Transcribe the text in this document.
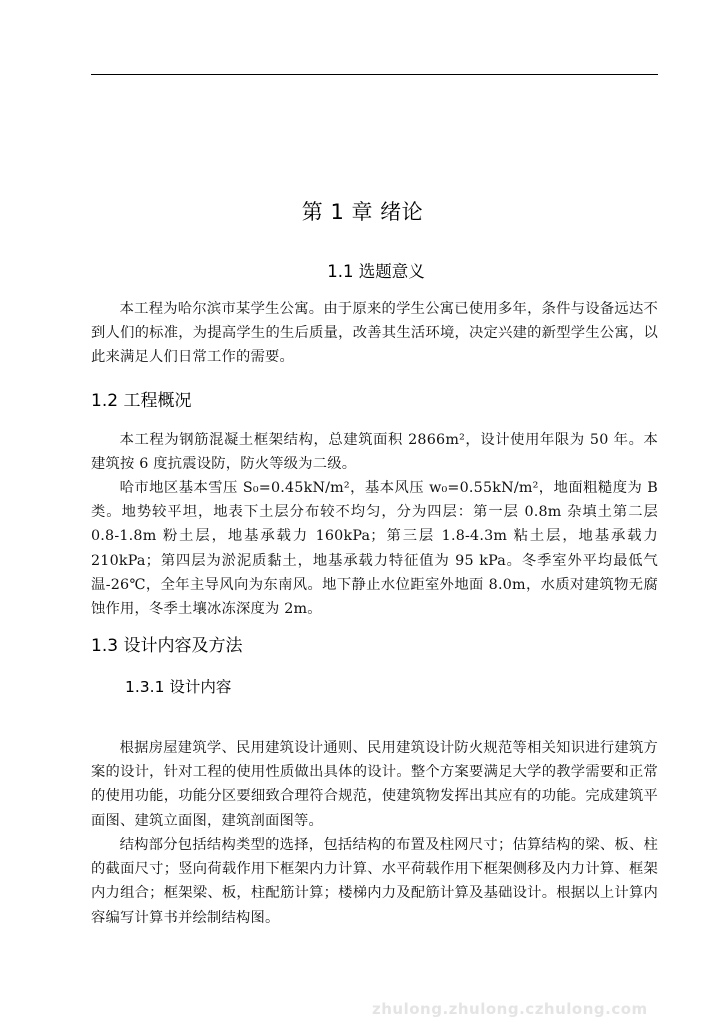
第 1 章 绪论
1.1 选题意义

本工程为哈尔滨市某学生公寓。由于原来的学生公寓已使用多年，条件与设备远达不到人们的标准，为提高学生的生后质量，改善其生活环境，决定兴建的新型学生公寓，以此来满足人们日常工作的需要。

1.2 工程概况

本工程为钢筋混凝土框架结构，总建筑面积 2866m²，设计使用年限为 50 年。本建筑按 6 度抗震设防，防火等级为二级。

哈市地区基本雪压 S₀=0.45kN/m²，基本风压 w₀=0.55kN/m²，地面粗糙度为 B 类。地势较平坦，地表下土层分布较不均匀，分为四层：第一层 0.8m 杂填土第二层 0.8-1.8m 粉土层，地基承载力 160kPa；第三层 1.8-4.3m 粘土层，地基承载力 210kPa；第四层为淤泥质黏土，地基承载力特征值为 95 kPa。冬季室外平均最低气温-26℃，全年主导风向为东南风。地下静止水位距室外地面 8.0m，水质对建筑物无腐蚀作用，冬季土壤冰冻深度为 2m。

1.3 设计内容及方法
1.3.1 设计内容

根据房屋建筑学、民用建筑设计通则、民用建筑设计防火规范等相关知识进行建筑方案的设计，针对工程的使用性质做出具体的设计。整个方案要满足大学的教学需要和正常的使用功能，功能分区要细致合理符合规范，使建筑物发挥出其应有的功能。完成建筑平面图、建筑立面图，建筑剖面图等。

结构部分包括结构类型的选择，包括结构的布置及柱网尺寸；估算结构的梁、板、柱的截面尺寸；竖向荷载作用下框架内力计算、水平荷载作用下框架侧移及内力计算、框架内力组合；框架梁、板，柱配筋计算；楼梯内力及配筋计算及基础设计。根据以上计算内容编写计算书并绘制结构图。

zhulong.zhulong.czhulong.com
